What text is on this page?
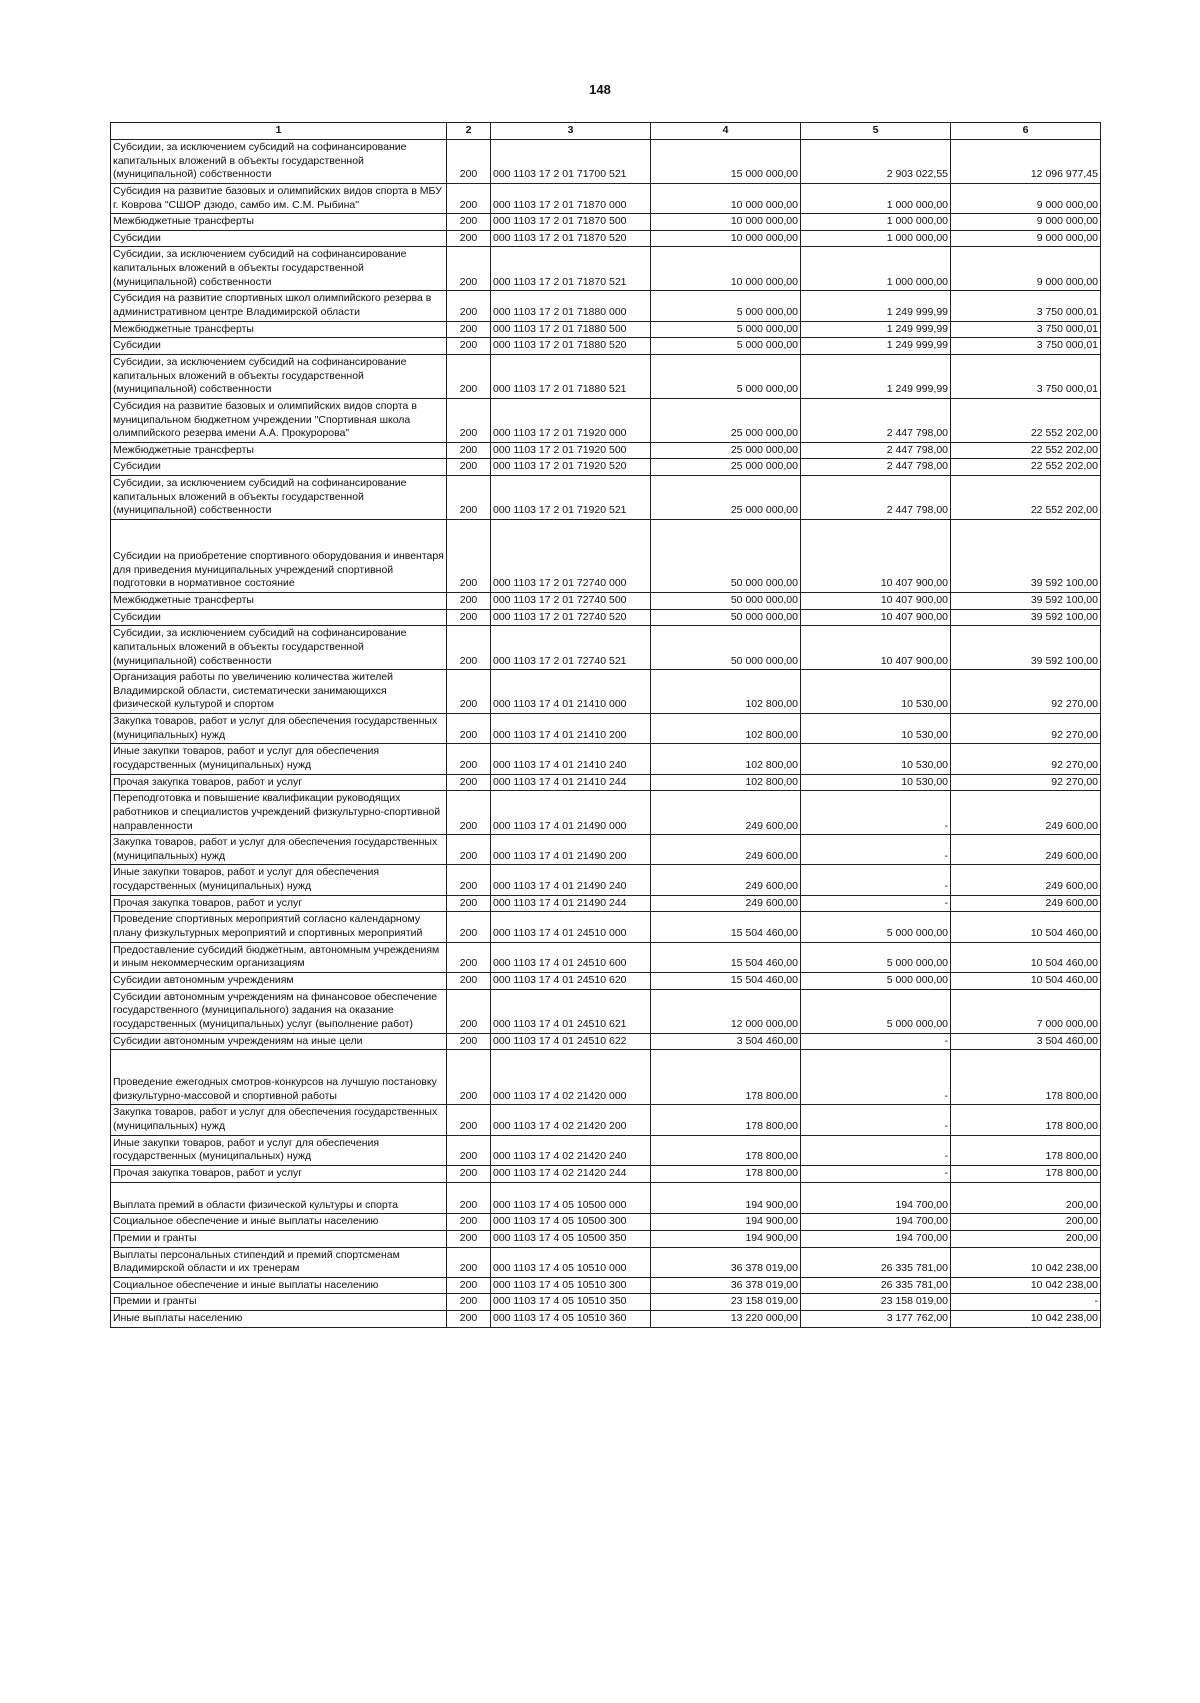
148
1	2	3	4	5	6
Субсидии, за исключением субсидий на софинансирование капитальных вложений в объекты государственной (муниципальной) собственности	200	000 1103 17 2 01 71700 521	15 000 000,00	2 903 022,55	12 096 977,45
Субсидия на развитие базовых и олимпийских видов спорта в МБУ г. Коврова "СШОР дзюдо, самбо им. С.М. Рыбина"	200	000 1103 17 2 01 71870 000	10 000 000,00	1 000 000,00	9 000 000,00
Межбюджетные трансферты	200	000 1103 17 2 01 71870 500	10 000 000,00	1 000 000,00	9 000 000,00
Субсидии	200	000 1103 17 2 01 71870 520	10 000 000,00	1 000 000,00	9 000 000,00
Субсидии, за исключением субсидий на софинансирование капитальных вложений в объекты государственной (муниципальной) собственности	200	000 1103 17 2 01 71870 521	10 000 000,00	1 000 000,00	9 000 000,00
Субсидия на развитие спортивных школ олимпийского резерва в административном центре Владимирской области	200	000 1103 17 2 01 71880 000	5 000 000,00	1 249 999,99	3 750 000,01
Межбюджетные трансферты	200	000 1103 17 2 01 71880 500	5 000 000,00	1 249 999,99	3 750 000,01
Субсидии	200	000 1103 17 2 01 71880 520	5 000 000,00	1 249 999,99	3 750 000,01
Субсидии, за исключением субсидий на софинансирование капитальных вложений в объекты государственной (муниципальной) собственности	200	000 1103 17 2 01 71880 521	5 000 000,00	1 249 999,99	3 750 000,01
Субсидия на развитие базовых и олимпийских видов спорта в муниципальном бюджетном учреждении "Спортивная школа олимпийского резерва имени А.А. Прокуророва"	200	000 1103 17 2 01 71920 000	25 000 000,00	2 447 798,00	22 552 202,00
Межбюджетные трансферты	200	000 1103 17 2 01 71920 500	25 000 000,00	2 447 798,00	22 552 202,00
Субсидии	200	000 1103 17 2 01 71920 520	25 000 000,00	2 447 798,00	22 552 202,00
Субсидии, за исключением субсидий на софинансирование капитальных вложений в объекты государственной (муниципальной) собственности	200	000 1103 17 2 01 71920 521	25 000 000,00	2 447 798,00	22 552 202,00
Субсидии на приобретение спортивного оборудования и инвентаря для приведения муниципальных учреждений спортивной подготовки в нормативное состояние	200	000 1103 17 2 01 72740 000	50 000 000,00	10 407 900,00	39 592 100,00
Межбюджетные трансферты	200	000 1103 17 2 01 72740 500	50 000 000,00	10 407 900,00	39 592 100,00
Субсидии	200	000 1103 17 2 01 72740 520	50 000 000,00	10 407 900,00	39 592 100,00
Субсидии, за исключением субсидий на софинансирование капитальных вложений в объекты государственной (муниципальной) собственности	200	000 1103 17 2 01 72740 521	50 000 000,00	10 407 900,00	39 592 100,00
Организация работы по увеличению количества жителей Владимирской области, систематически занимающихся физической культурой и спортом	200	000 1103 17 4 01 21410 000	102 800,00	10 530,00	92 270,00
Закупка товаров, работ и услуг для обеспечения государственных (муниципальных) нужд	200	000 1103 17 4 01 21410 200	102 800,00	10 530,00	92 270,00
Иные закупки товаров, работ и услуг для обеспечения государственных (муниципальных) нужд	200	000 1103 17 4 01 21410 240	102 800,00	10 530,00	92 270,00
Прочая закупка товаров, работ и услуг	200	000 1103 17 4 01 21410 244	102 800,00	10 530,00	92 270,00
Переподготовка и повышение квалификации руководящих работников и специалистов учреждений физкультурно-спортивной направленности	200	000 1103 17 4 01 21490 000	249 600,00	-	249 600,00
Закупка товаров, работ и услуг для обеспечения государственных (муниципальных) нужд	200	000 1103 17 4 01 21490 200	249 600,00	-	249 600,00
Иные закупки товаров, работ и услуг для обеспечения государственных (муниципальных) нужд	200	000 1103 17 4 01 21490 240	249 600,00	-	249 600,00
Прочая закупка товаров, работ и услуг	200	000 1103 17 4 01 21490 244	249 600,00	-	249 600,00
Проведение спортивных мероприятий согласно календарному плану физкультурных мероприятий и спортивных мероприятий	200	000 1103 17 4 01 24510 000	15 504 460,00	5 000 000,00	10 504 460,00
Предоставление субсидий бюджетным, автономным учреждениям и иным некоммерческим организациям	200	000 1103 17 4 01 24510 600	15 504 460,00	5 000 000,00	10 504 460,00
Субсидии автономным учреждениям	200	000 1103 17 4 01 24510 620	15 504 460,00	5 000 000,00	10 504 460,00
Субсидии автономным учреждениям на финансовое обеспечение государственного (муниципального) задания на оказание государственных (муниципальных) услуг (выполнение работ)	200	000 1103 17 4 01 24510 621	12 000 000,00	5 000 000,00	7 000 000,00
Субсидии автономным учреждениям на иные цели	200	000 1103 17 4 01 24510 622	3 504 460,00	-	3 504 460,00
Проведение ежегодных смотров-конкурсов на лучшую постановку физкультурно-массовой и спортивной работы	200	000 1103 17 4 02 21420 000	178 800,00	-	178 800,00
Закупка товаров, работ и услуг для обеспечения государственных (муниципальных) нужд	200	000 1103 17 4 02 21420 200	178 800,00	-	178 800,00
Иные закупки товаров, работ и услуг для обеспечения государственных (муниципальных) нужд	200	000 1103 17 4 02 21420 240	178 800,00	-	178 800,00
Прочая закупка товаров, работ и услуг	200	000 1103 17 4 02 21420 244	178 800,00	-	178 800,00
Выплата премий в области физической культуры и спорта	200	000 1103 17 4 05 10500 000	194 900,00	194 700,00	200,00
Социальное обеспечение и иные выплаты населению	200	000 1103 17 4 05 10500 300	194 900,00	194 700,00	200,00
Премии и гранты	200	000 1103 17 4 05 10500 350	194 900,00	194 700,00	200,00
Выплаты персональных стипендий и премий спортсменам Владимирской области и их тренерам	200	000 1103 17 4 05 10510 000	36 378 019,00	26 335 781,00	10 042 238,00
Социальное обеспечение и иные выплаты населению	200	000 1103 17 4 05 10510 300	36 378 019,00	26 335 781,00	10 042 238,00
Премии и гранты	200	000 1103 17 4 05 10510 350	23 158 019,00	23 158 019,00	-
Иные выплаты населению	200	000 1103 17 4 05 10510 360	13 220 000,00	3 177 762,00	10 042 238,00
